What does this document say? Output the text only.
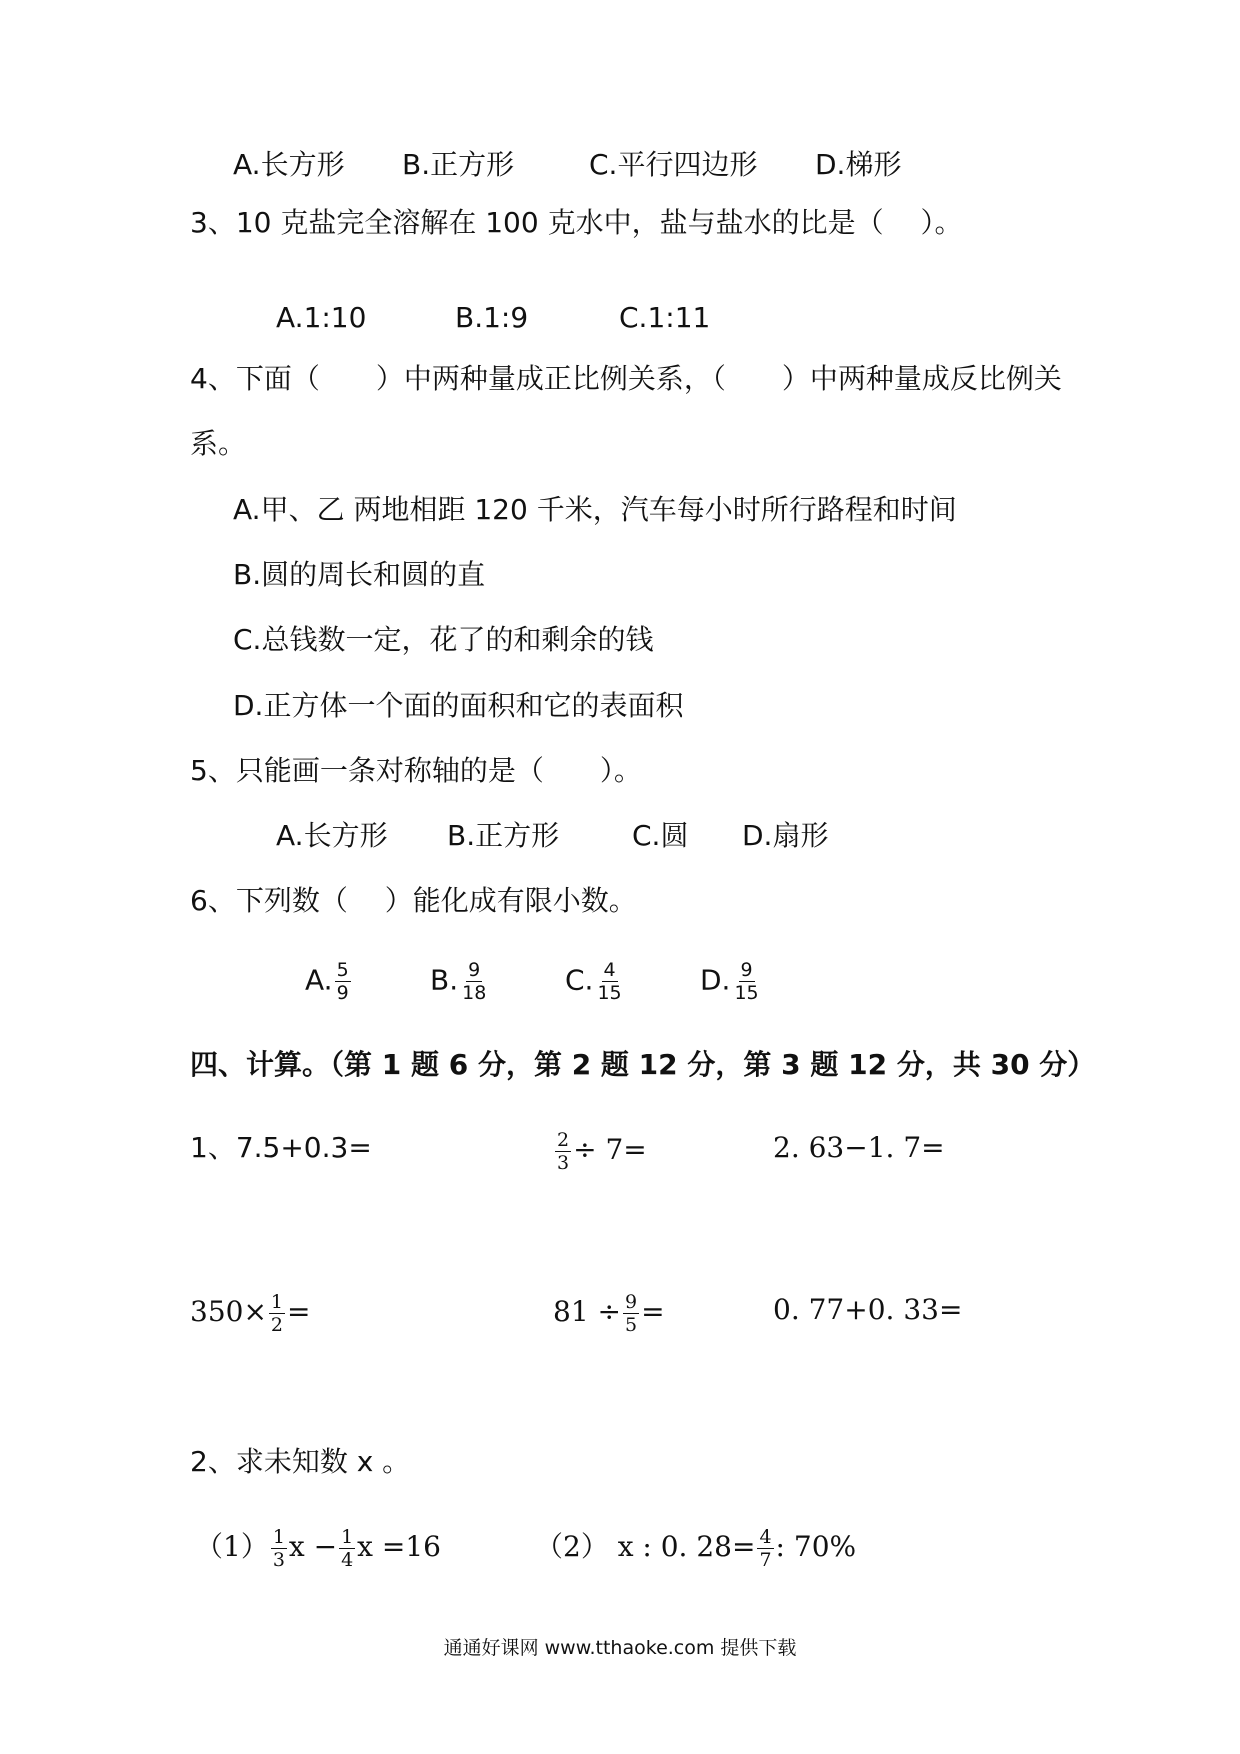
A.长方形 B.正方形	C.平行四边形 D.梯形
3、10 克盐完全溶解在 100 克水中，盐与盐水的比是（　 ）。
A.1:10	B.1:9	C.1:11
4、下面（　　）中两种量成正比例关系，（　　）中两种量成反比例关
系。
A.甲、乙 两地相距 120 千米，汽车每小时所行路程和时间
B.圆的周长和圆的直
C.总钱数一定，花了的和剩余的钱
D.正方体一个面的面积和它的表面积
5、只能画一条对称轴的是（　　）。
A.长方形 B.正方形	C.圆 D.扇形
6、下列数（　 ）能化成有限小数。
A. $\frac{5}{9}$	B. $\frac{9}{18}$	C. $\frac{4}{15}$	D. $\frac{9}{15}$
四、计算。（第 1 题 6 分，第 2 题 12 分，第 3 题 12 分，共 30 分）
1、7.5+0.3=	$\frac{2}{3} \div 7=$	2. 63−1. 7=
$350\times \frac{1}{2}$ =	$81 \div \frac{9}{5}$ =	0. 77+0. 33=
2、求未知数 x 。
$(1) \frac{1}{3}$ $x - \frac{1}{4}$ x =16	（2） x : 0. $28= \frac{4}{7}$ : 70%
通通好课网 www.tthaoke.com 提供下载
